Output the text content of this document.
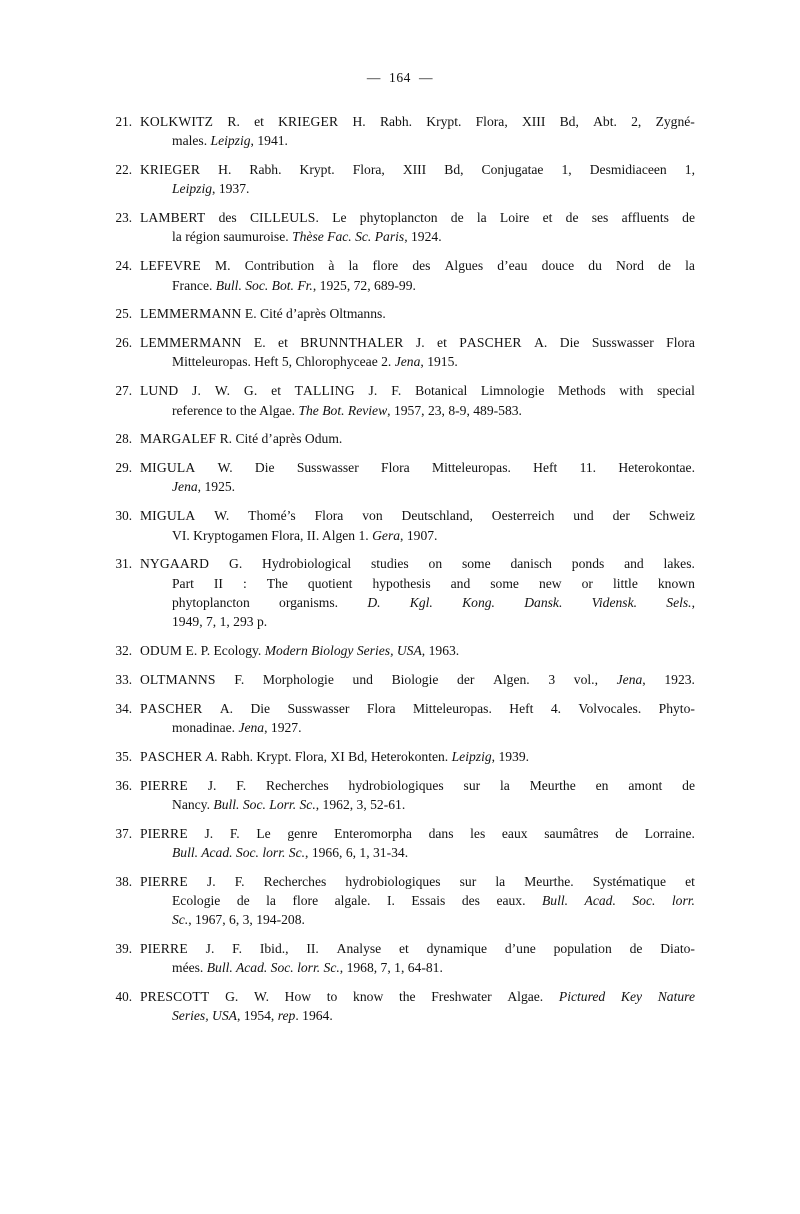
—  164  —
21. KOLKWITZ R. et KRIEGER H. Rabh. Krypt. Flora, XIII Bd, Abt. 2, Zygné-
males. Leipzig, 1941.
22. KRIEGER H. Rabh. Krypt. Flora, XIII Bd, Conjugatae 1, Desmidiaceen 1,
Leipzig, 1937.
23. LAMBERT des CILLEULS. Le phytoplancton de la Loire et de ses affluents de
la région saumuroise. Thèse Fac. Sc. Paris, 1924.
24. LEFEVRE M. Contribution à la flore des Algues d’eau douce du Nord de la
France. Bull. Soc. Bot. Fr., 1925, 72, 689-99.
25. LEMMERMANN E. Cité d’après Oltmanns.
26. LEMMERMANN E. et BRUNNTHALER J. et PASCHER A. Die Susswasser Flora
Mitteleuropas. Heft 5, Chlorophyceae 2. Jena, 1915.
27. LUND J. W. G. et TALLING J. F. Botanical Limnologie Methods with special
reference to the Algae. The Bot. Review, 1957, 23, 8-9, 489-583.
28. MARGALEF R. Cité d’après Odum.
29. MIGULA W. Die Susswasser Flora Mitteleuropas. Heft 11. Heterokontae.
Jena, 1925.
30. MIGULA W. Thomé’s Flora von Deutschland, Oesterreich und der Schweiz
VI. Kryptogamen Flora, II. Algen 1. Gera, 1907.
31. NYGAARD G. Hydrobiological studies on some danisch ponds and lakes.
Part II : The quotient hypothesis and some new or little known
phytoplancton organisms. D. Kgl. Kong. Dansk. Vidensk. Sels.,
1949, 7, 1, 293 p.
32. ODUM E. P. Ecology. Modern Biology Series, USA, 1963.
33. OLTMANNS F. Morphologie und Biologie der Algen. 3 vol., Jena, 1923.
34. PASCHER A. Die Susswasser Flora Mitteleuropas. Heft 4. Volvocales. Phyto-
monadinae. Jena, 1927.
35. PASCHER A. Rabh. Krypt. Flora, XI Bd, Heterokonten. Leipzig, 1939.
36. PIERRE J. F. Recherches hydrobiologiques sur la Meurthe en amont de
Nancy. Bull. Soc. Lorr. Sc., 1962, 3, 52-61.
37. PIERRE J. F. Le genre Enteromorpha dans les eaux saumâtres de Lorraine.
Bull. Acad. Soc. lorr. Sc., 1966, 6, 1, 31-34.
38. PIERRE J. F. Recherches hydrobiologiques sur la Meurthe. Systématique et
Ecologie de la flore algale. I. Essais des eaux. Bull. Acad. Soc. lorr.
Sc., 1967, 6, 3, 194-208.
39. PIERRE J. F. Ibid., II. Analyse et dynamique d’une population de Diato-
mées. Bull. Acad. Soc. lorr. Sc., 1968, 7, 1, 64-81.
40. PRESCOTT G. W. How to know the Freshwater Algae. Pictured Key Nature
Series, USA, 1954, rep. 1964.
